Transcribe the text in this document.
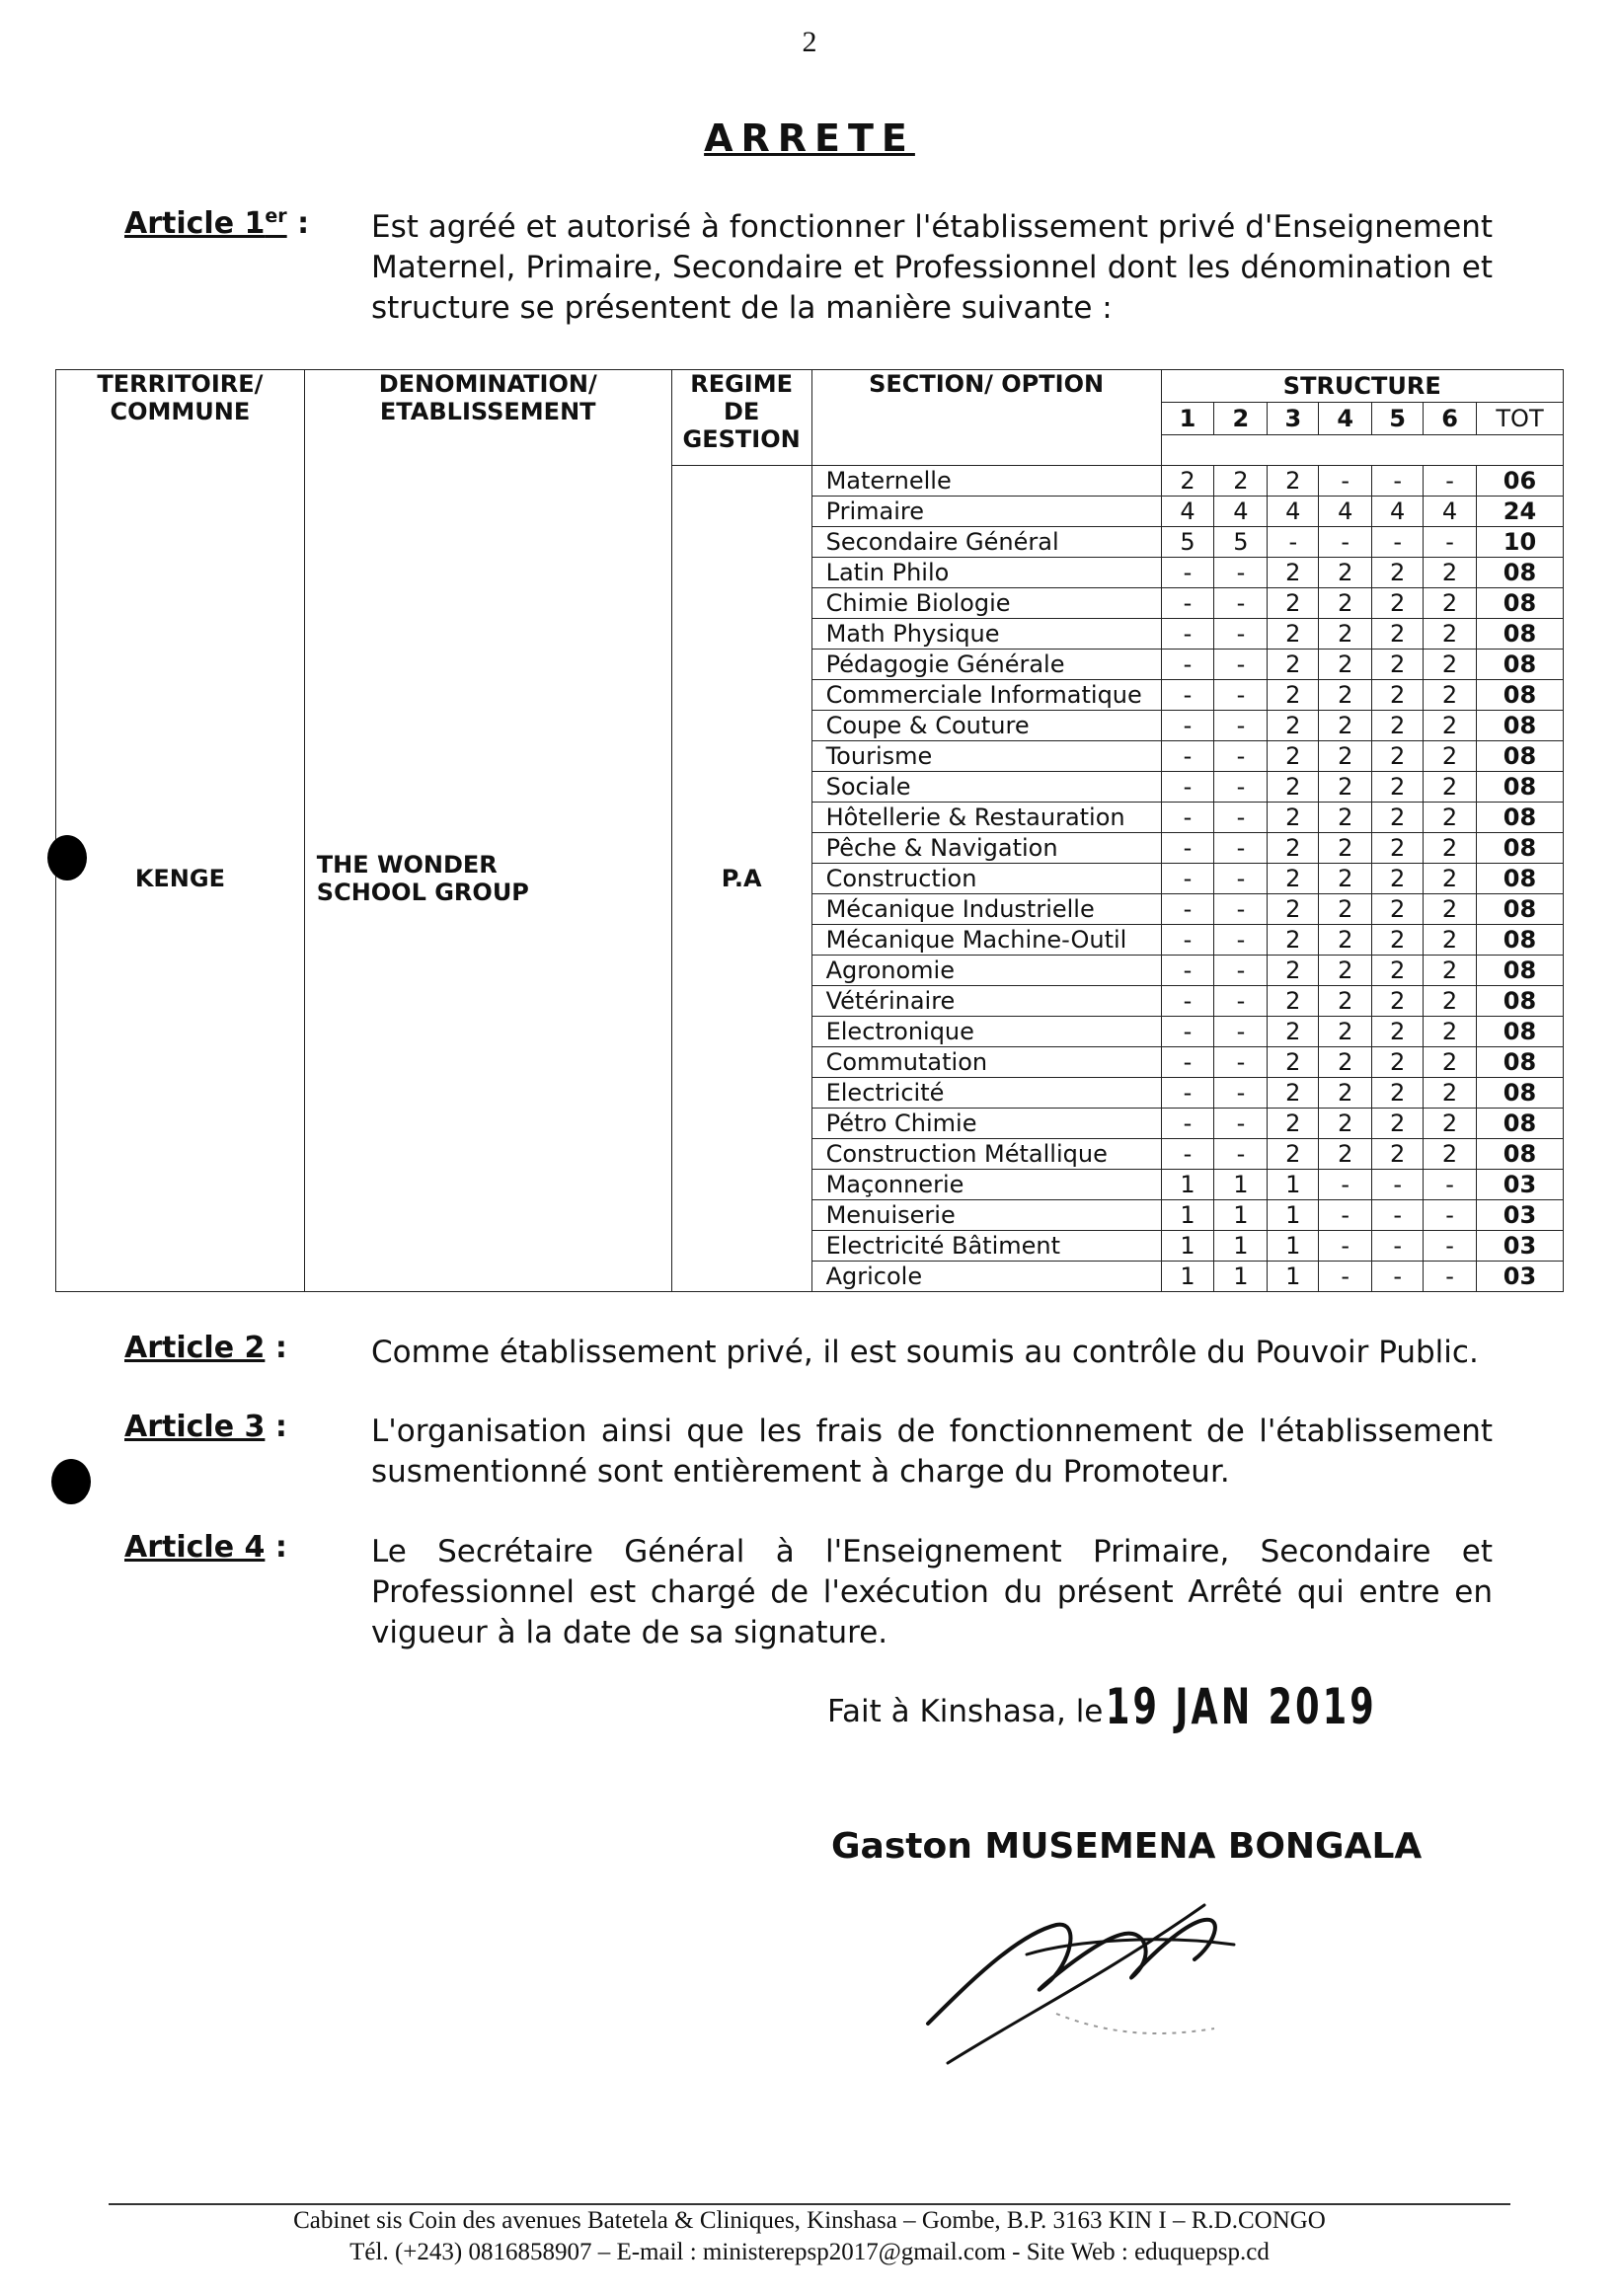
2
ARRETE
Article 1er : Est agréé et autorisé à fonctionner l'établissement privé d'Enseignement Maternel, Primaire, Secondaire et Professionnel dont les dénomination et structure se présentent de la manière suivante :
TERRITOIRE/ COMMUNE	DENOMINATION/ ETABLISSEMENT	REGIME DE GESTION	SECTION/ OPTION	STRUCTURE						
				1	2	3	4	5	6	TOT

KENGE	THE WONDER SCHOOL GROUP	P.A	Maternelle	2	2	2	-	-	-	06
			Primaire	4	4	4	4	4	4	24
			Secondaire Général	5	5	-	-	-	-	10
			Latin Philo	-	-	2	2	2	2	08
			Chimie Biologie	-	-	2	2	2	2	08
			Math Physique	-	-	2	2	2	2	08
			Pédagogie Générale	-	-	2	2	2	2	08
			Commerciale Informatique	-	-	2	2	2	2	08
			Coupe & Couture	-	-	2	2	2	2	08
			Tourisme	-	-	2	2	2	2	08
			Sociale	-	-	2	2	2	2	08
			Hôtellerie & Restauration	-	-	2	2	2	2	08
			Pêche & Navigation	-	-	2	2	2	2	08
			Construction	-	-	2	2	2	2	08
			Mécanique Industrielle	-	-	2	2	2	2	08
			Mécanique Machine-Outil	-	-	2	2	2	2	08
			Agronomie	-	-	2	2	2	2	08
			Vétérinaire	-	-	2	2	2	2	08
			Electronique	-	-	2	2	2	2	08
			Commutation	-	-	2	2	2	2	08
			Electricité	-	-	2	2	2	2	08
			Pétro Chimie	-	-	2	2	2	2	08
			Construction Métallique	-	-	2	2	2	2	08
			Maçonnerie	1	1	1	-	-	-	03
			Menuiserie	1	1	1	-	-	-	03
			Electricité Bâtiment	1	1	1	-	-	-	03
			Agricole	1	1	1	-	-	-	03
Article 2 :	Comme établissement privé, il est soumis au contrôle du Pouvoir Public.
Article 3 :	L'organisation ainsi que les frais de fonctionnement de l'établissement susmentionné sont entièrement à charge du Promoteur.
Article 4 :	Le Secrétaire Général à l'Enseignement Primaire, Secondaire et Professionnel est chargé de l'exécution du présent Arrêté qui entre en vigueur à la date de sa signature.
Fait à Kinshasa, le 19 JAN 2019
Gaston MUSEMENA BONGALA
Cabinet sis Coin des avenues Batetela & Cliniques, Kinshasa – Gombe, B.P. 3163 KIN I – R.D.CONGO
Tél. (+243) 0816858907 – E-mail : ministerepsp2017@gmail.com - Site Web : eduquepsp.cd
